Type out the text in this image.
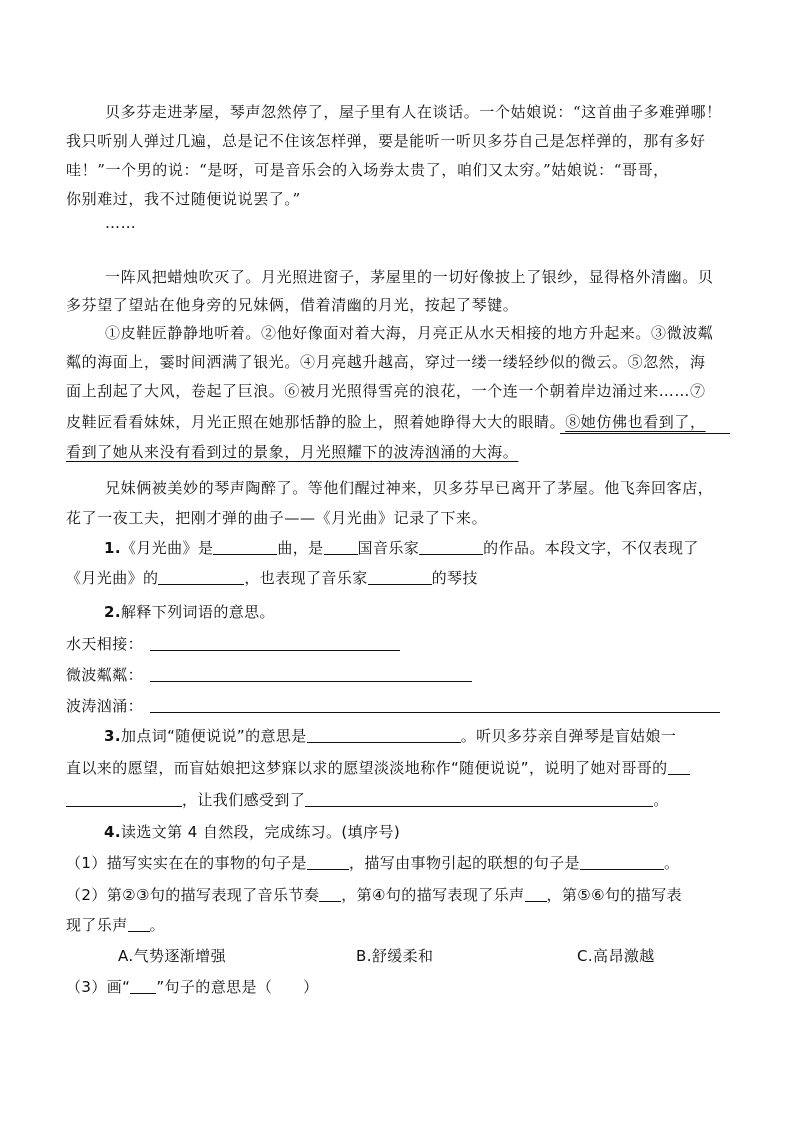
贝多芬走进茅屋，琴声忽然停了，屋子里有人在谈话。一个姑娘说：“这首曲子多难弹哪！
我只听别人弹过几遍，总是记不住该怎样弹，要是能听一听贝多芬自己是怎样弹的，那有多好
哇！”一个男的说：“是呀，可是音乐会的入场券太贵了，咱们又太穷。”姑娘说：“哥哥，
你别难过，我不过随便说说罢了。”
……
一阵风把蜡烛吹灭了。月光照进窗子，茅屋里的一切好像披上了银纱，显得格外清幽。贝
多芬望了望站在他身旁的兄妹俩，借着清幽的月光，按起了琴键。
①皮鞋匠静静地听着。②他好像面对着大海，月亮正从水天相接的地方升起来。③微波粼
粼的海面上，霎时间洒满了银光。④月亮越升越高，穿过一缕一缕轻纱似的微云。⑤忽然，海
面上刮起了大风，卷起了巨浪。⑥被月光照得雪亮的浪花，一个连一个朝着岸边涌过来……⑦
皮鞋匠看看妹妹，月光正照在她那恬静的脸上，照着她睁得大大的眼睛。⑧她仿佛也看到了，
看到了她从来没有看到过的景象，月光照耀下的波涛汹涌的大海。
兄妹俩被美妙的琴声陶醉了。等他们醒过神来，贝多芬早已离开了茅屋。他飞奔回客店，
花了一夜工夫，把刚才弹的曲子——《月光曲》记录了下来。
1.《月光曲》是	曲，是 国音乐家	的作品。本段文字，不仅表现了
《月光曲》的	，也表现了音乐家	的琴技
2.解释下列词语的意思。
水天相接：
微波粼粼：
波涛汹涌：
3.加点词“随便说说”的意思是	。听贝多芬亲自弹琴是盲姑娘一
直以来的愿望，而盲姑娘把这梦寐以求的愿望淡淡地称作“随便说说”，说明了她对哥哥的
，让我们感受到了	。
4.读选文第 4 自然段，完成练习。(填序号)
（1）描写实实在在的事物的句子是	，描写由事物引起的联想的句子是	。
（2）第②③句的描写表现了音乐节奏 ，第④句的描写表现了乐声 ，第⑤⑥句的描写表
现了乐声 。
A.气势逐渐增强	B.舒缓柔和	C.高昂激越
（3）画“ ”句子的意思是（　　）
